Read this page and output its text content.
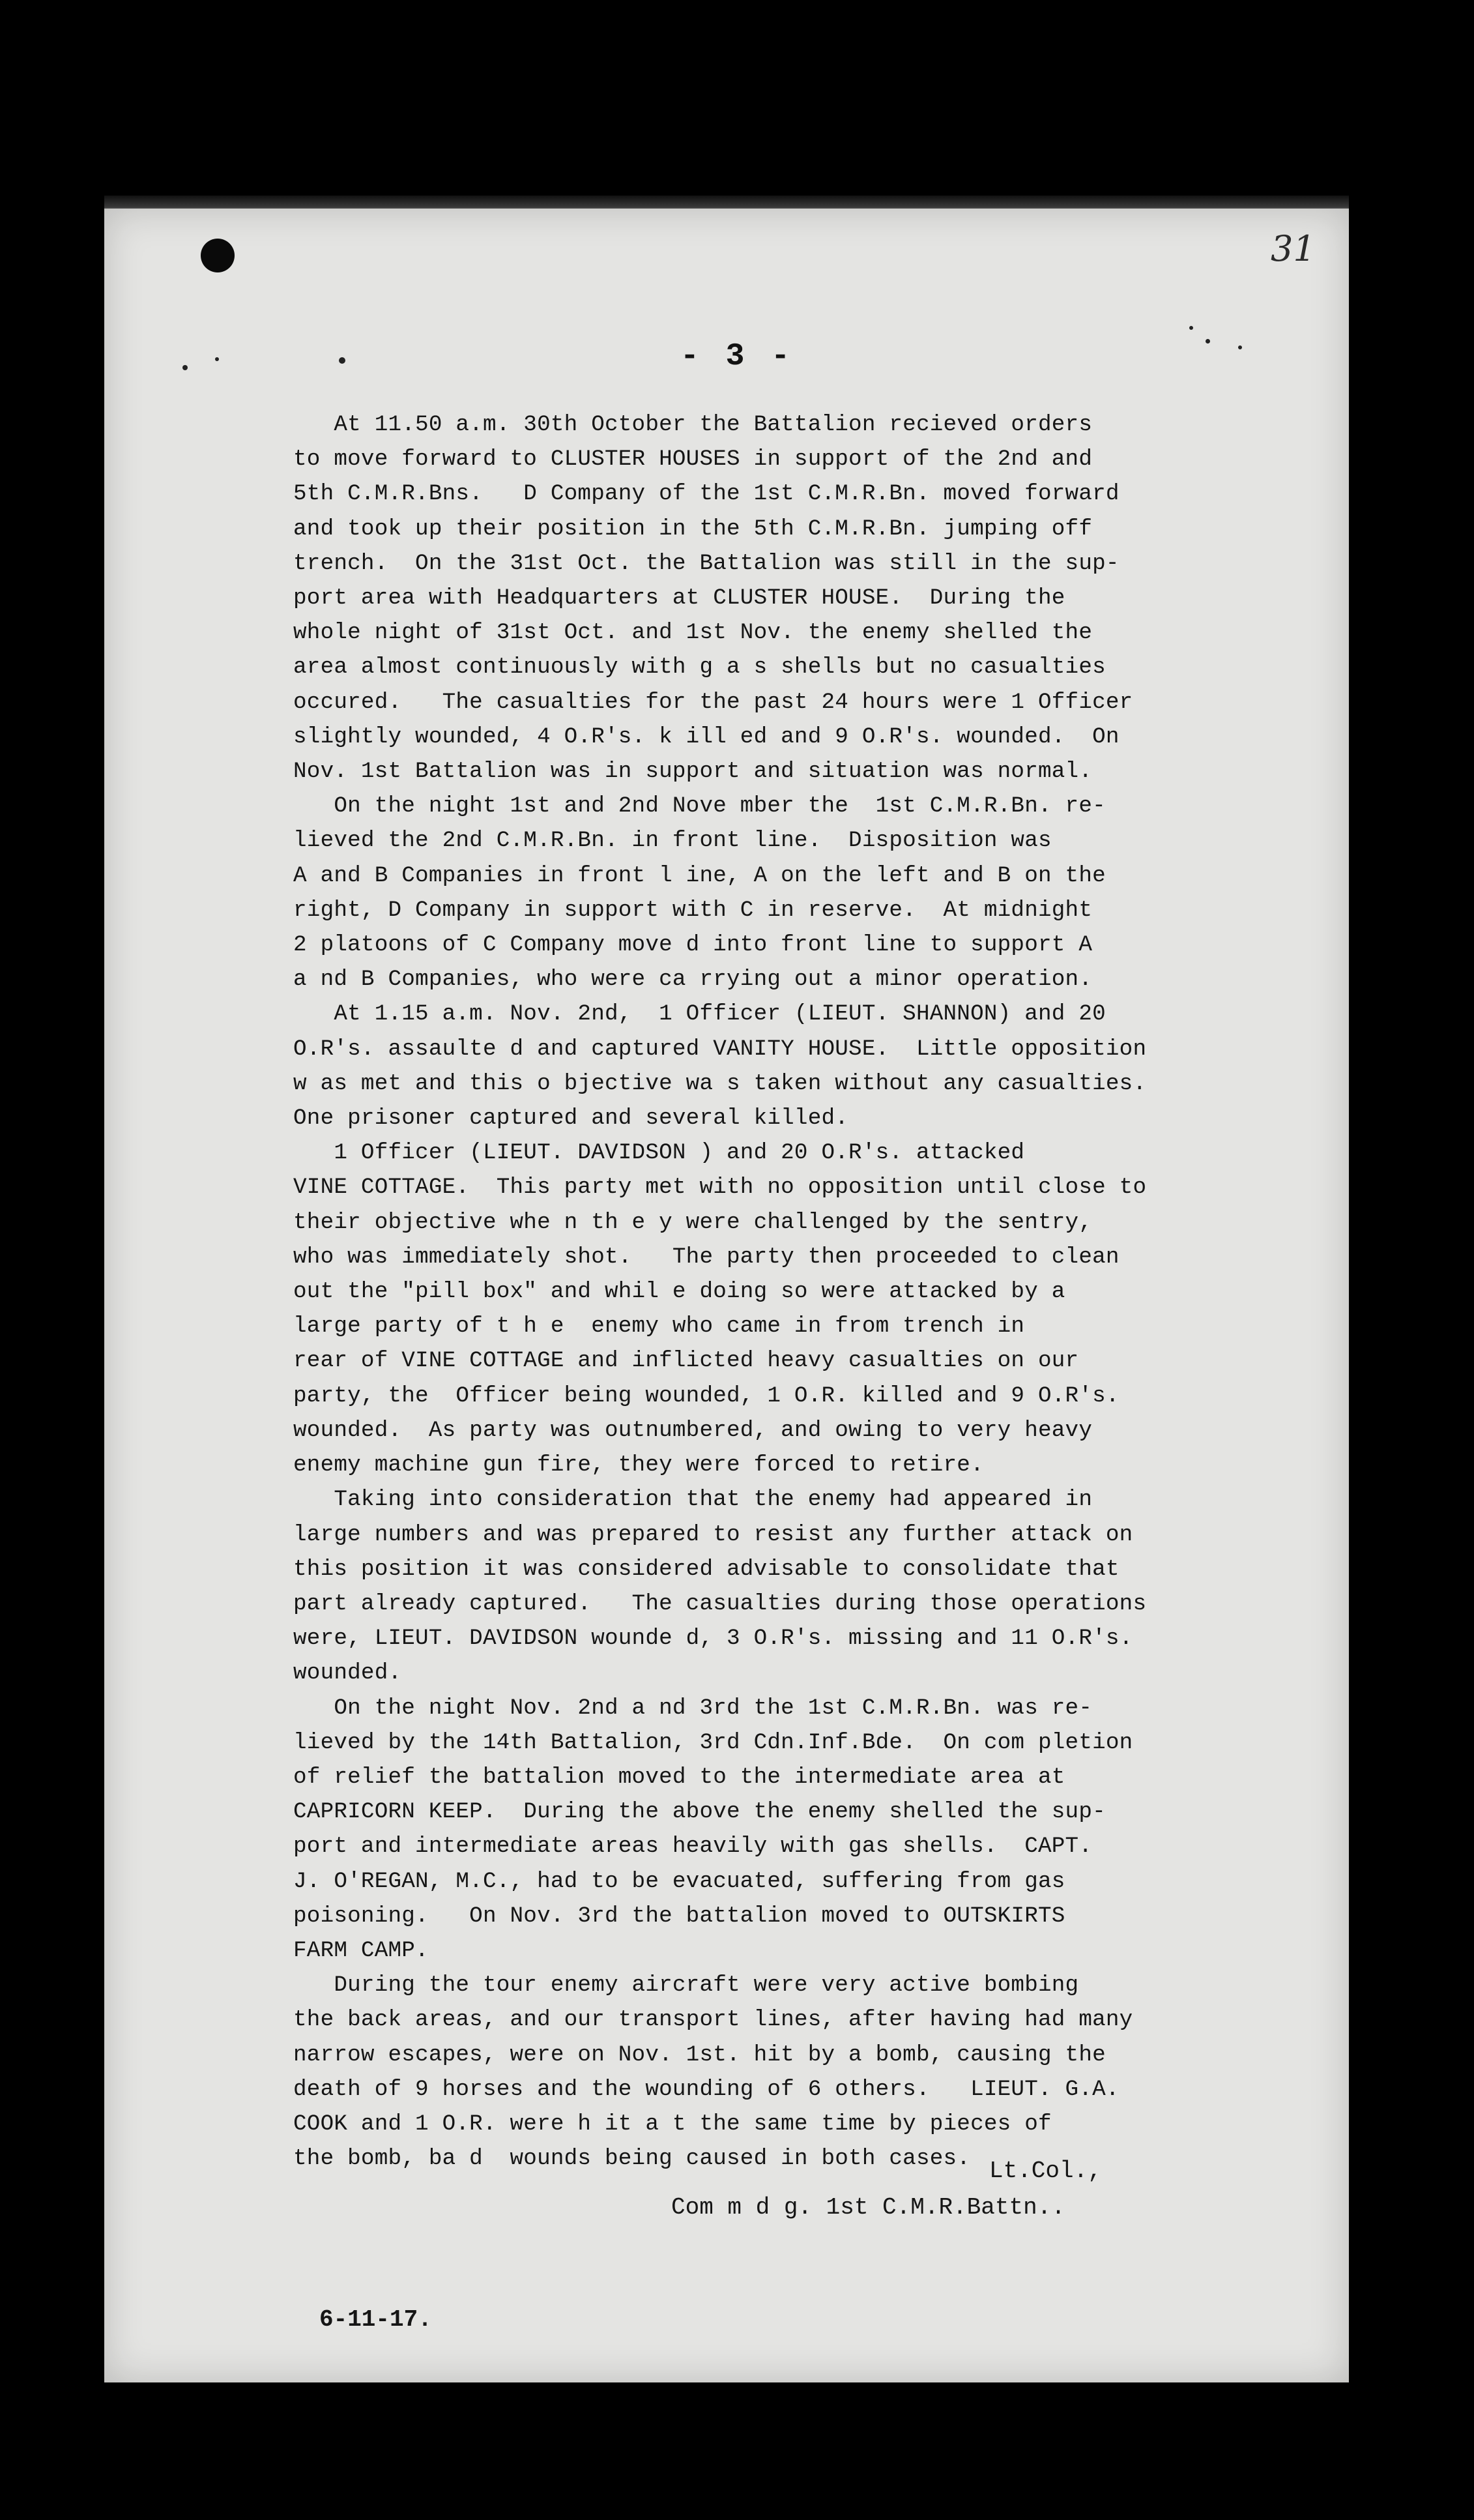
31
- 3 -
At 11.50 a.m. 30th October the Battalion recieved orders
to move forward to CLUSTER HOUSES in support of the 2nd and
5th C.M.R.Bns.   D Company of the 1st C.M.R.Bn. moved forward
and took up their position in the 5th C.M.R.Bn. jumping off
trench.  On the 31st Oct. the Battalion was still in the sup-
port area with Headquarters at CLUSTER HOUSE.  During the
whole night of 31st Oct. and 1st Nov. the enemy shelled the
area almost continuously with g a s shells but no casualties
occured.   The casualties for the past 24 hours were 1 Officer
slightly wounded, 4 O.R's. k ill ed and 9 O.R's. wounded.  On
Nov. 1st Battalion was in support and situation was normal.
On the night 1st and 2nd Nove mber the  1st C.M.R.Bn. re-
lieved the 2nd C.M.R.Bn. in front line.  Disposition was
A and B Companies in front l ine, A on the left and B on the
right, D Company in support with C in reserve.  At midnight
2 platoons of C Company move d into front line to support A
a nd B Companies, who were ca rrying out a minor operation.
At 1.15 a.m. Nov. 2nd,  1 Officer (LIEUT. SHANNON) and 20
O.R's. assaulte d and captured VANITY HOUSE.  Little opposition
w as met and this o bjective wa s taken without any casualties.
One prisoner captured and several killed.
1 Officer (LIEUT. DAVIDSON ) and 20 O.R's. attacked
VINE COTTAGE.  This party met with no opposition until close to
their objective whe n th e y were challenged by the sentry,
who was immediately shot.   The party then proceeded to clean
out the "pill box" and whil e doing so were attacked by a
large party of t h e  enemy who came in from trench in
rear of VINE COTTAGE and inflicted heavy casualties on our
party, the  Officer being wounded, 1 O.R. killed and 9 O.R's.
wounded.  As party was outnumbered, and owing to very heavy
enemy machine gun fire, they were forced to retire.
Taking into consideration that the enemy had appeared in
large numbers and was prepared to resist any further attack on
this position it was considered advisable to consolidate that
part already captured.   The casualties during those operations
were, LIEUT. DAVIDSON wounde d, 3 O.R's. missing and 11 O.R's.
wounded.
On the night Nov. 2nd a nd 3rd the 1st C.M.R.Bn. was re-
lieved by the 14th Battalion, 3rd Cdn.Inf.Bde.  On com pletion
of relief the battalion moved to the intermediate area at
CAPRICORN KEEP.  During the above the enemy shelled the sup-
port and intermediate areas heavily with gas shells.  CAPT.
J. O'REGAN, M.C., had to be evacuated, suffering from gas
poisoning.   On Nov. 3rd the battalion moved to OUTSKIRTS
FARM CAMP.
During the tour enemy aircraft were very active bombing
the back areas, and our transport lines, after having had many
narrow escapes, were on Nov. 1st. hit by a bomb, causing the
death of 9 horses and the wounding of 6 others.   LIEUT. G.A.
COOK and 1 O.R. were h it a t the same time by pieces of
the bomb, ba d  wounds being caused in both cases. Lt.Col.,
Com m d g. 1st C.M.R.Battn..
6-11-17.
